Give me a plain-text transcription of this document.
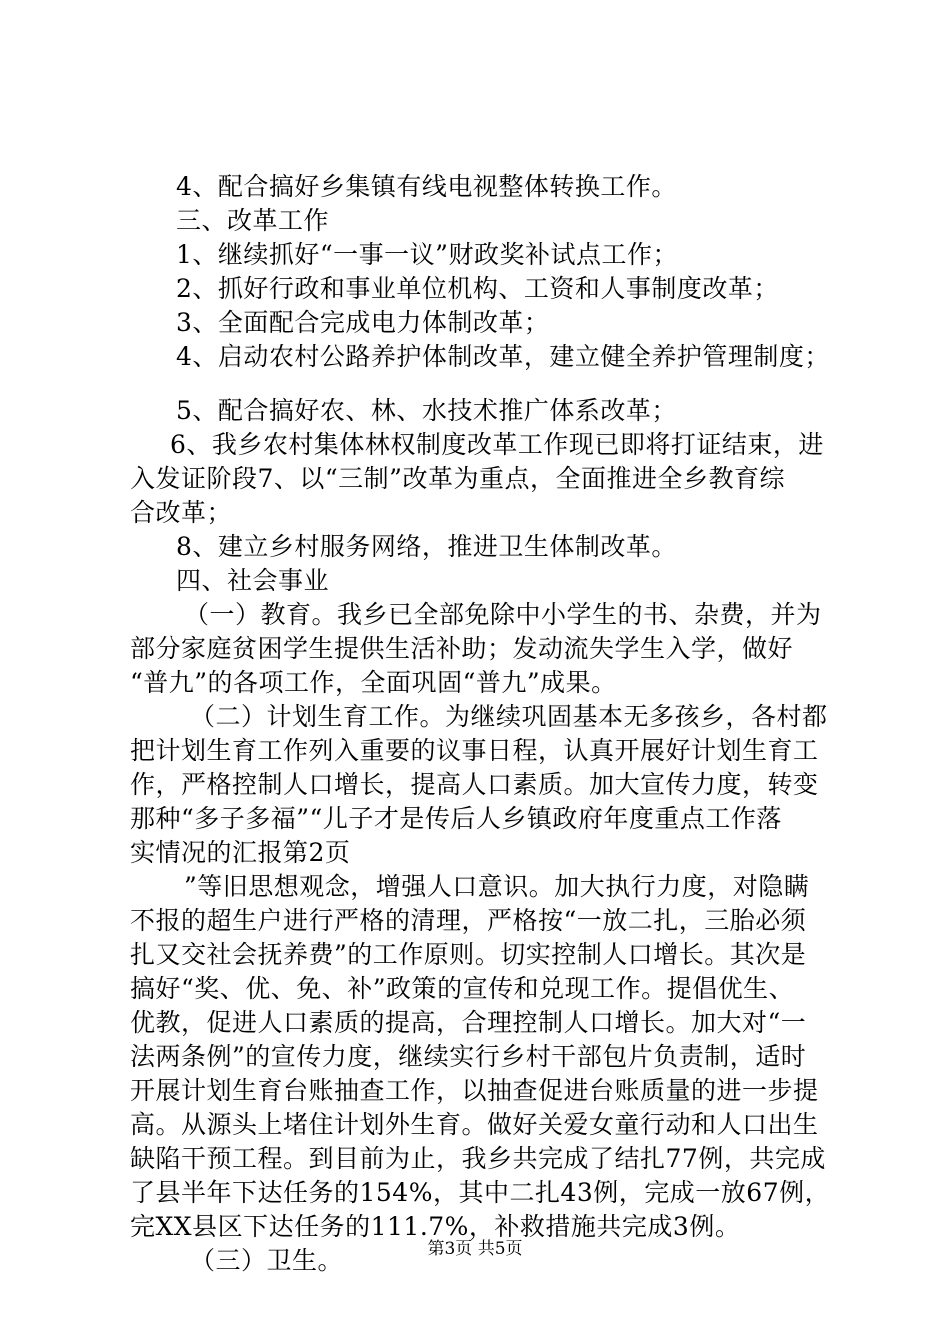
4、配合搞好乡集镇有线电视整体转换工作。
三、改革工作
1、继续抓好“一事一议”财政奖补试点工作；
2、抓好行政和事业单位机构、工资和人事制度改革；
3、全面配合完成电力体制改革；
4、启动农村公路养护体制改革，建立健全养护管理制度；
5、配合搞好农、林、水技术推广体系改革；
6、我乡农村集体林权制度改革工作现已即将打证结束，进
入发证阶段7、以“三制”改革为重点，全面推进全乡教育综
合改革；
8、建立乡村服务网络，推进卫生体制改革。
四、社会事业
（一）教育。我乡已全部免除中小学生的书、杂费，并为
部分家庭贫困学生提供生活补助；发动流失学生入学，做好
“普九”的各项工作，全面巩固“普九”成果。
（二）计划生育工作。为继续巩固基本无多孩乡，各村都
把计划生育工作列入重要的议事日程，认真开展好计划生育工
作，严格控制人口增长，提高人口素质。加大宣传力度，转变
那种“多子多福”“儿子才是传后人乡镇政府年度重点工作落
实情况的汇报第2页
”等旧思想观念，增强人口意识。加大执行力度，对隐瞒
不报的超生户进行严格的清理，严格按“一放二扎，三胎必须
扎又交社会抚养费”的工作原则。切实控制人口增长。其次是
搞好“奖、优、免、补”政策的宣传和兑现工作。提倡优生、
优教，促进人口素质的提高，合理控制人口增长。加大对“一
法两条例”的宣传力度，继续实行乡村干部包片负责制，适时
开展计划生育台账抽查工作，以抽查促进台账质量的进一步提
高。从源头上堵住计划外生育。做好关爱女童行动和人口出生
缺陷干预工程。到目前为止，我乡共完成了结扎77例，共完成
了县半年下达任务的154%，其中二扎43例，完成一放67例，
完XX县区下达任务的111.7%，补救措施共完成3例。
（三）卫生。	第3页 共5页
